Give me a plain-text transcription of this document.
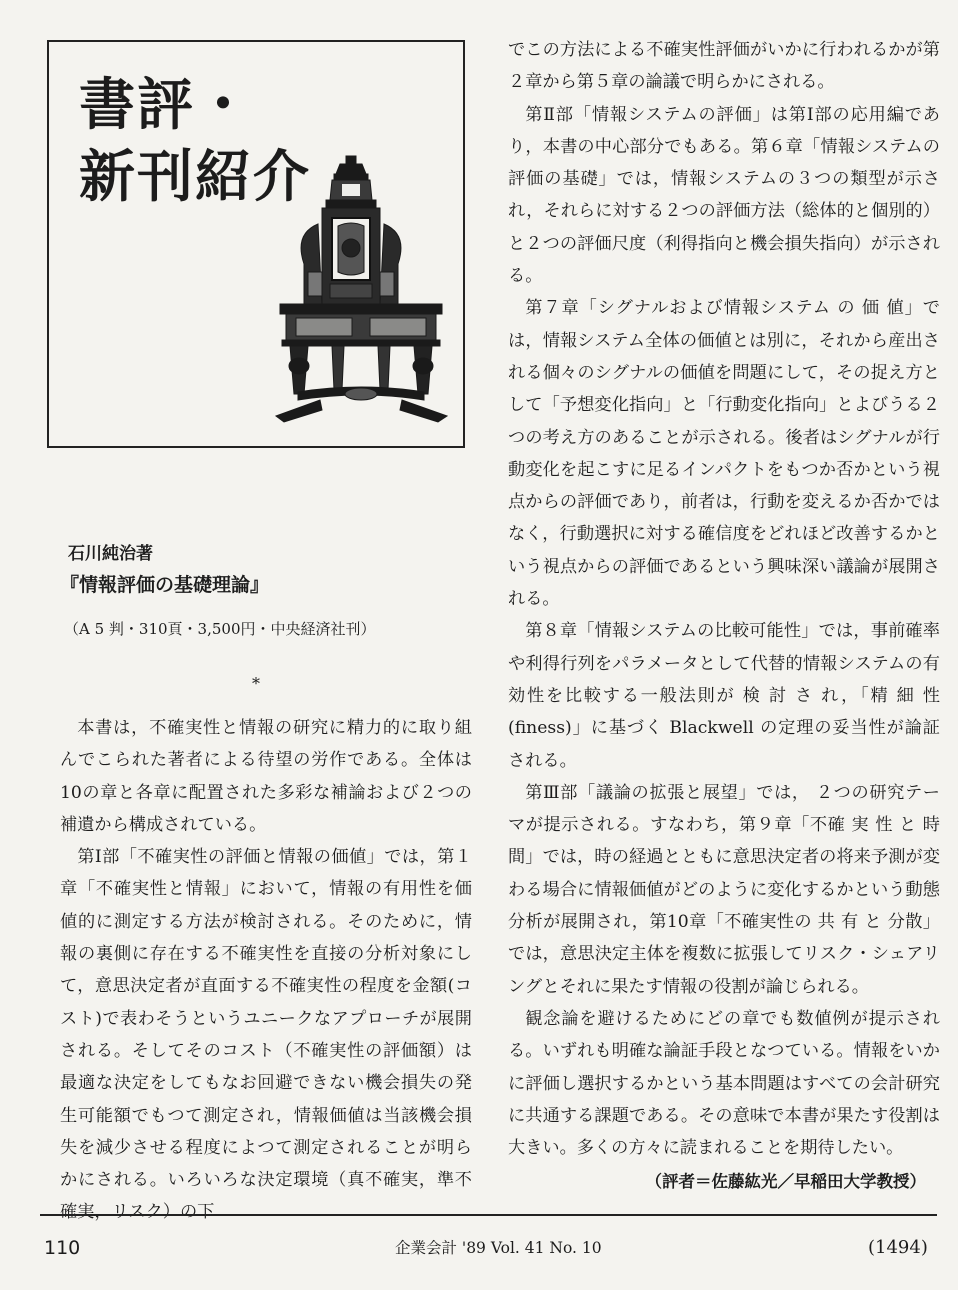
書評・
新刊紹介
石川純治著
『情報評価の基礎理論』
（A 5 判・310頁・3,500円・中央経済社刊）
*

本書は，不確実性と情報の研究に精力的に取り組んでこられた著者による待望の労作である。全体は10の章と各章に配置された多彩な補論および２つの補遺から構成されている。

第Ⅰ部「不確実性の評価と情報の価値」では，第１章「不確実性と情報」において，情報の有用性を価値的に測定する方法が検討される。そのために，情報の裏側に存在する不確実性を直接の分析対象にして，意思決定者が直面する不確実性の程度を金額(コスト)で表わそうというユニークなアプローチが展開される。そしてそのコスト（不確実性の評価額）は最適な決定をしてもなお回避できない機会損失の発生可能額でもつて測定され，情報価値は当該機会損失を減少させる程度によつて測定されることが明らかにされる。いろいろな決定環境（真不確実，準不確実，リスク）の下

でこの方法による不確実性評価がいかに行われるかが第２章から第５章の論議で明らかにされる。

第Ⅱ部「情報システムの評価」は第Ⅰ部の応用編であり，本書の中心部分でもある。第６章「情報システムの評価の基礎」では，情報システムの３つの類型が示され，それらに対する２つの評価方法（総体的と個別的）と２つの評価尺度（利得指向と機会損失指向）が示される。

第７章「シグナルおよび情報システム の 価 値」では，情報システム全体の価値とは別に，それから産出される個々のシグナルの価値を問題にして，その捉え方として「予想変化指向」と「行動変化指向」とよびうる２つの考え方のあることが示される。後者はシグナルが行動変化を起こすに足るインパクトをもつか否かという視点からの評価であり，前者は，行動を変えるか否かではなく，行動選択に対する確信度をどれほど改善するかという視点からの評価であるという興味深い議論が展開される。

第８章「情報システムの比較可能性」では，事前確率や利得行列をパラメータとして代替的情報システムの有効性を比較する一般法則が 検 討 さ れ，「精 細 性(finess)」に基づく Blackwell の定理の妥当性が論証される。

第Ⅲ部「議論の拡張と展望」では， ２つの研究テーマが提示される。すなわち，第９章「不確 実 性 と 時間」では，時の経過とともに意思決定者の将来予測が変わる場合に情報価値がどのように変化するかという動態分析が展開され，第10章「不確実性の 共 有 と 分散」では，意思決定主体を複数に拡張してリスク・シェアリングとそれに果たす情報の役割が論じられる。

観念論を避けるためにどの章でも数値例が提示される。いずれも明確な論証手段となつている。情報をいかに評価し選択するかという基本問題はすべての会計研究に共通する課題である。その意味で本書が果たす役割は大きい。多くの方々に読まれることを期待したい。

（評者＝佐藤紘光／早稲田大学教授）
110	企業会計 '89 Vol. 41 No. 10	(1494)
